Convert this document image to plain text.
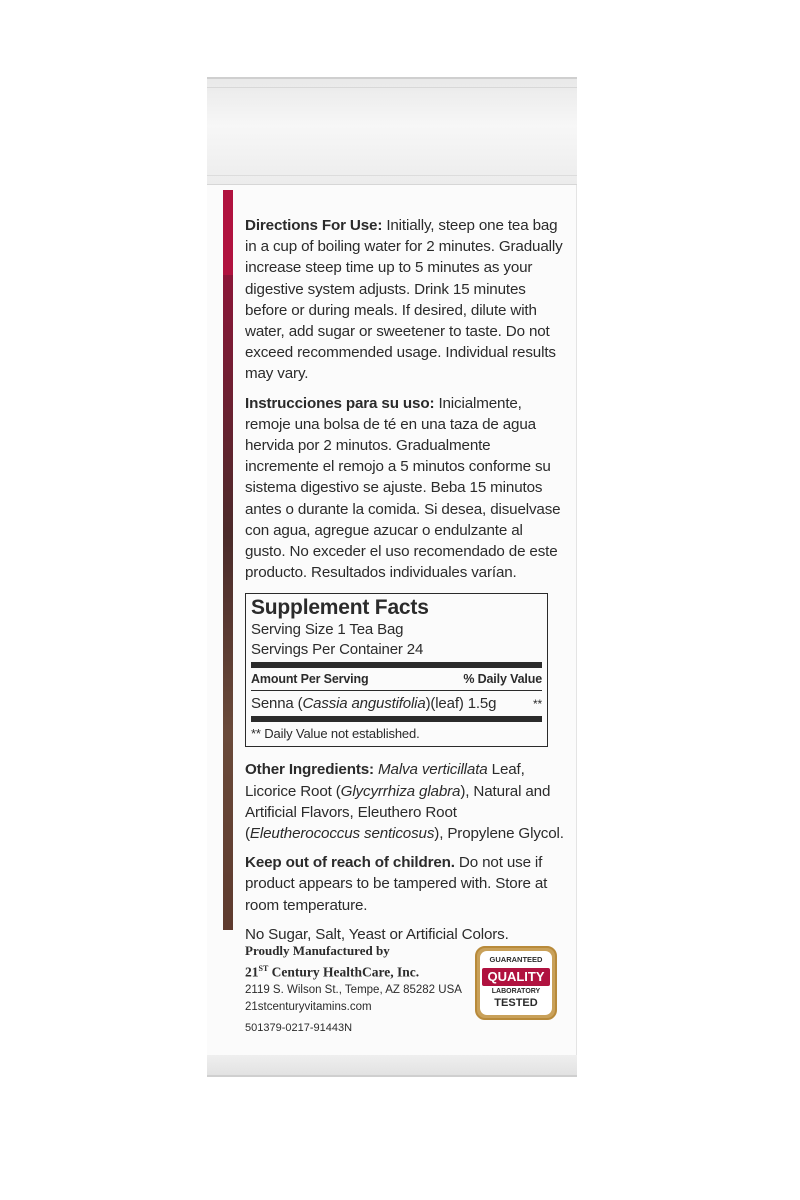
Directions For Use: Initially, steep one tea bag in a cup of boiling water for 2 minutes. Gradually increase steep time up to 5 minutes as your digestive system adjusts. Drink 15 minutes before or during meals. If desired, dilute with water, add sugar or sweetener to taste. Do not exceed recommended usage. Individual results may vary.

Instrucciones para su uso: Inicialmente, remoje una bolsa de té en una taza de agua hervida por 2 minutos. Gradualmente incremente el remojo a 5 minutos conforme su sistema digestivo se ajuste. Beba 15 minutos antes o durante la comida. Si desea, disuelvase con agua, agregue azucar o endulzante al gusto. No exceder el uso recomendado de este producto. Resultados individuales varían.

Supplement Facts
Serving Size 1 Tea Bag
Servings Per Container 24
Amount Per Serving	% Daily Value
Senna (Cassia angustifolia)(leaf) 1.5g	**
** Daily Value not established.

Other Ingredients: Malva verticillata Leaf, Licorice Root (Glycyrrhiza glabra), Natural and Artificial Flavors, Eleuthero Root (Eleutherococcus senticosus), Propylene Glycol.

Keep out of reach of children. Do not use if product appears to be tampered with. Store at room temperature.

No Sugar, Salt, Yeast or Artificial Colors.

Proudly Manufactured by
21ST Century HealthCare, Inc.
2119 S. Wilson St., Tempe, AZ 85282 USA
21stcenturyvitamins.com
501379-0217-91443N
GUARANTEED
QUALITY
LABORATORY
TESTED
